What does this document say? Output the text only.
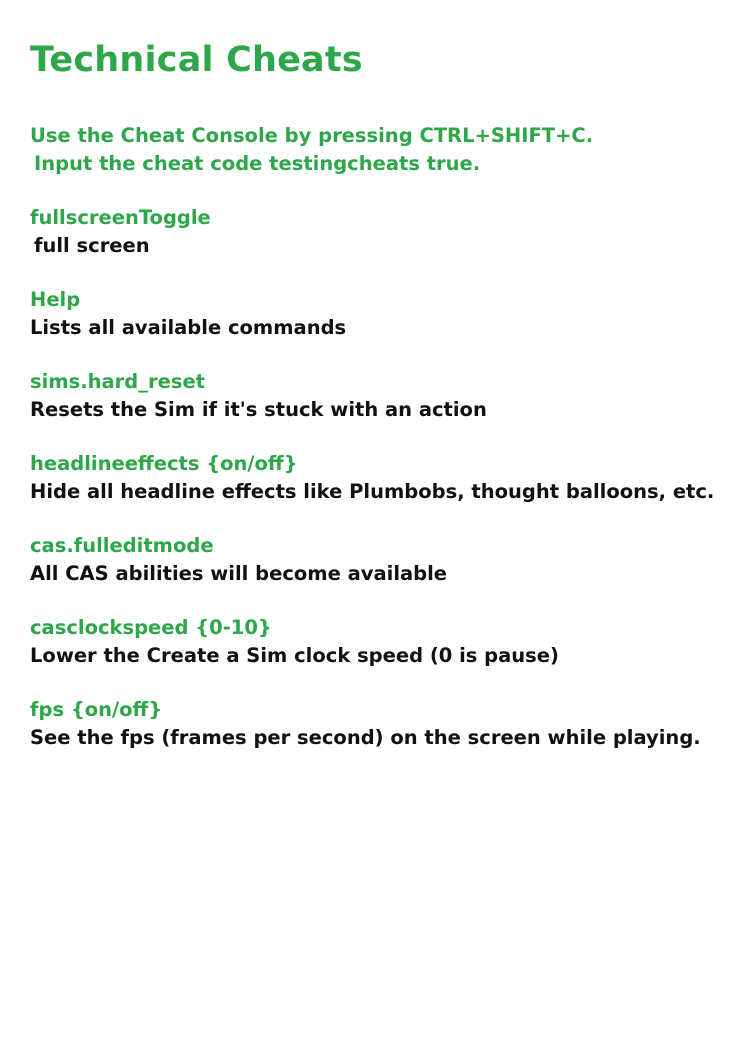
Technical Cheats
Use the Cheat Console by pressing CTRL+SHIFT+C.
Input the cheat code testingcheats true.
fullscreenToggle
full screen
Help
Lists all available commands
sims.hard_reset
Resets the Sim if it's stuck with an action
headlineeffects {on/off}
Hide all headline effects like Plumbobs, thought balloons, etc.
cas.fulleditmode
All CAS abilities will become available
casclockspeed {0-10}
Lower the Create a Sim clock speed (0 is pause)
fps {on/off}
See the fps (frames per second) on the screen while playing.
